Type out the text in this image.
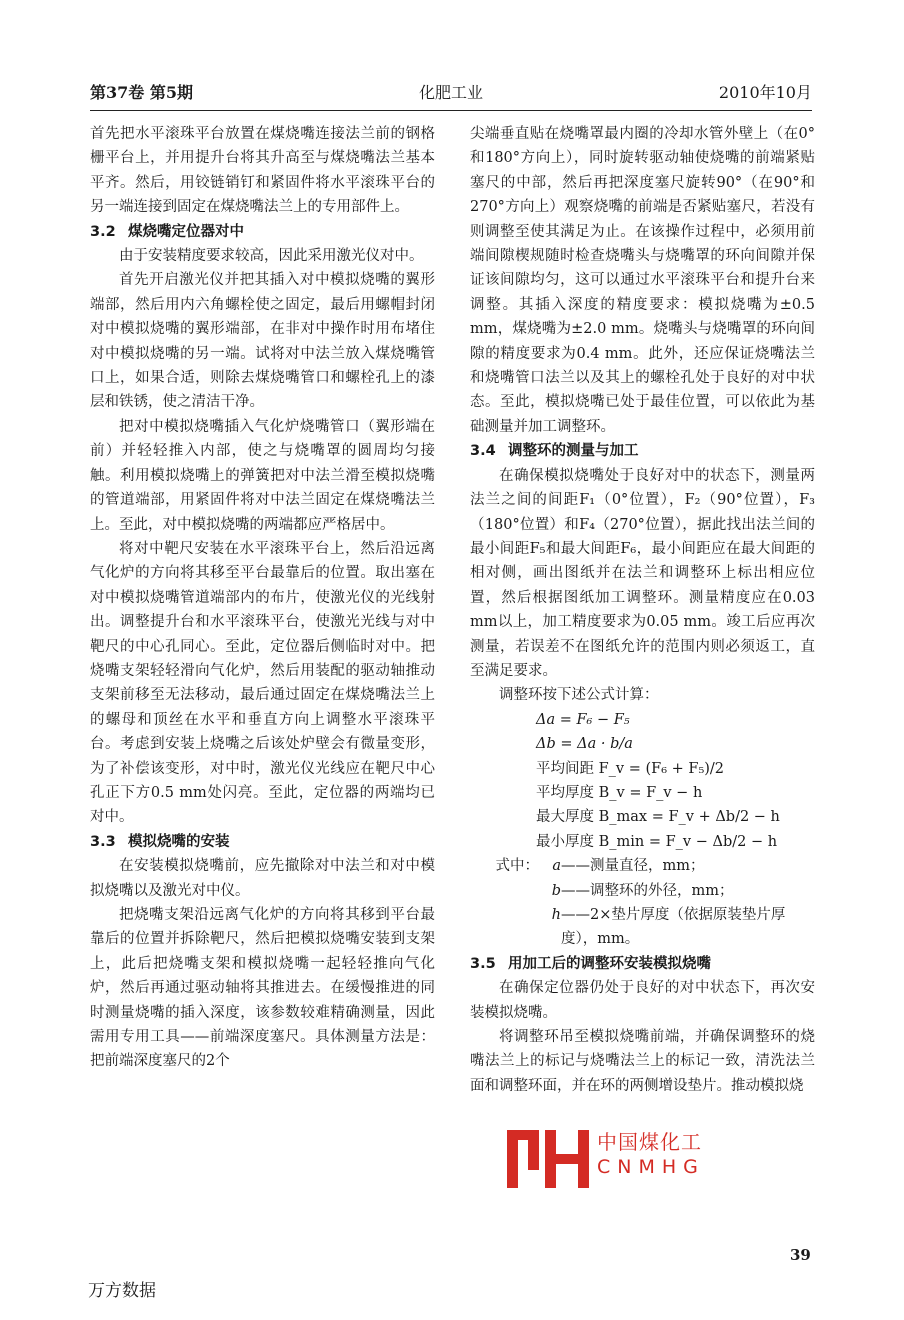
第37卷 第5期	化肥工业	2010年10月

首先把水平滚珠平台放置在煤烧嘴连接法兰前的钢格栅平台上，并用提升台将其升高至与煤烧嘴法兰基本平齐。然后，用铰链销钉和紧固件将水平滚珠平台的另一端连接到固定在煤烧嘴法兰上的专用部件上。

3.2 煤烧嘴定位器对中

由于安装精度要求较高，因此采用激光仪对中。

首先开启激光仪并把其插入对中模拟烧嘴的翼形端部，然后用内六角螺栓使之固定，最后用螺帽封闭对中模拟烧嘴的翼形端部，在非对中操作时用布堵住对中模拟烧嘴的另一端。试将对中法兰放入煤烧嘴管口上，如果合适，则除去煤烧嘴管口和螺栓孔上的漆层和铁锈，使之清洁干净。

把对中模拟烧嘴插入气化炉烧嘴管口（翼形端在前）并轻轻推入内部，使之与烧嘴罩的圆周均匀接触。利用模拟烧嘴上的弹簧把对中法兰滑至模拟烧嘴的管道端部，用紧固件将对中法兰固定在煤烧嘴法兰上。至此，对中模拟烧嘴的两端都应严格居中。

将对中靶尺安装在水平滚珠平台上，然后沿远离气化炉的方向将其移至平台最靠后的位置。取出塞在对中模拟烧嘴管道端部内的布片，使激光仪的光线射出。调整提升台和水平滚珠平台，使激光光线与对中靶尺的中心孔同心。至此，定位器后侧临时对中。把烧嘴支架轻轻滑向气化炉，然后用装配的驱动轴推动支架前移至无法移动，最后通过固定在煤烧嘴法兰上的螺母和顶丝在水平和垂直方向上调整水平滚珠平台。考虑到安装上烧嘴之后该处炉壁会有微量变形，为了补偿该变形，对中时，激光仪光线应在靶尺中心孔正下方0.5 mm处闪亮。至此，定位器的两端均已对中。

3.3 模拟烧嘴的安装

在安装模拟烧嘴前，应先撤除对中法兰和对中模拟烧嘴以及激光对中仪。

把烧嘴支架沿远离气化炉的方向将其移到平台最靠后的位置并拆除靶尺，然后把模拟烧嘴安装到支架上，此后把烧嘴支架和模拟烧嘴一起轻轻推向气化炉，然后再通过驱动轴将其推进去。在缓慢推进的同时测量烧嘴的插入深度，该参数较难精确测量，因此需用专用工具——前端深度塞尺。具体测量方法是：把前端深度塞尺的2个

尖端垂直贴在烧嘴罩最内圈的冷却水管外壁上（在0°和180°方向上），同时旋转驱动轴使烧嘴的前端紧贴塞尺的中部，然后再把深度塞尺旋转90°（在90°和270°方向上）观察烧嘴的前端是否紧贴塞尺，若没有则调整至使其满足为止。在该操作过程中，必须用前端间隙楔规随时检查烧嘴头与烧嘴罩的环向间隙并保证该间隙均匀，这可以通过水平滚珠平台和提升台来调整。其插入深度的精度要求：模拟烧嘴为±0.5 mm，煤烧嘴为±2.0 mm。烧嘴头与烧嘴罩的环向间隙的精度要求为0.4 mm。此外，还应保证烧嘴法兰和烧嘴管口法兰以及其上的螺栓孔处于良好的对中状态。至此，模拟烧嘴已处于最佳位置，可以依此为基础测量并加工调整环。

3.4 调整环的测量与加工

在确保模拟烧嘴处于良好对中的状态下，测量两法兰之间的间距F₁（0°位置），F₂（90°位置），F₃（180°位置）和F₄（270°位置），据此找出法兰间的最小间距F₅和最大间距F₆，最小间距应在最大间距的相对侧，画出图纸并在法兰和调整环上标出相应位置，然后根据图纸加工调整环。测量精度应在0.03 mm以上，加工精度要求为0.05 mm。竣工后应再次测量，若误差不在图纸允许的范围内则必须返工，直至满足要求。

调整环按下述公式计算：

Δa = F₆ − F₅

Δb = Δa · b/a

平均间距 F_v = (F₆ + F₅)/2

平均厚度 B_v = F_v − h

最大厚度 B_max = F_v + Δb/2 − h

最小厚度 B_min = F_v − Δb/2 − h

式中： a ——测量直径，mm；
b ——调整环的外径，mm；
h ——2×垫片厚度（依据原装垫片厚度），mm。
3.5 用加工后的调整环安装模拟烧嘴

在确保定位器仍处于良好的对中状态下，再次安装模拟烧嘴。

将调整环吊至模拟烧嘴前端，并确保调整环的烧嘴法兰上的标记与烧嘴法兰上的标记一致，清洗法兰面和调整环面，并在环的两侧增设垫片。推动模拟烧

中国煤化工
CNMHG
39
万方数据
